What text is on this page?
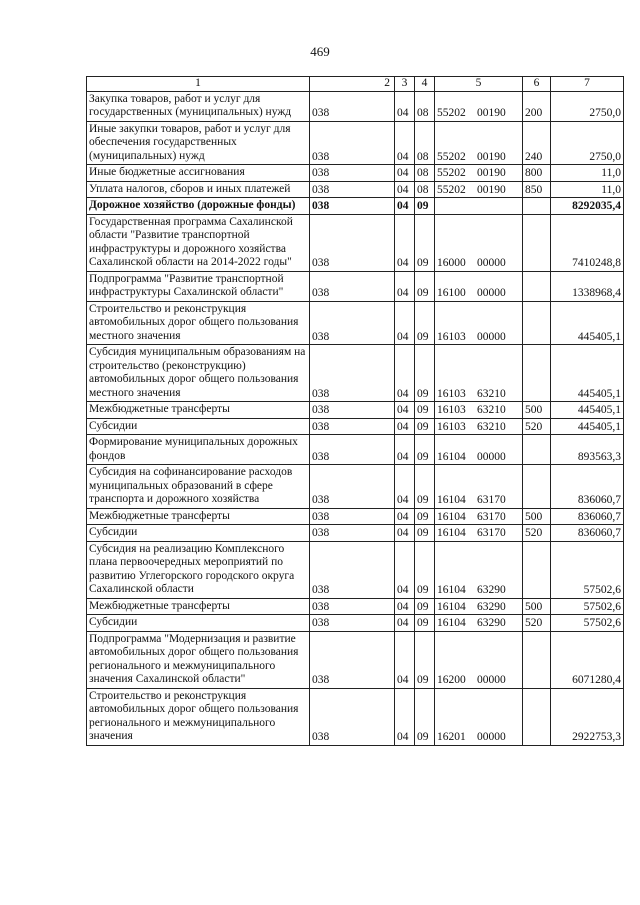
469
1	2	3	4	5	6	7
Закупка товаров, работ и услуг для государственных (муниципальных) нужд	038	04	08	55202 00190	200	2750,0
Иные закупки товаров, работ и услуг для обеспечения государственных (муниципальных) нужд	038	04	08	55202 00190	240	2750,0
Иные бюджетные ассигнования	038	04	08	55202 00190	800	11,0
Уплата налогов, сборов и иных платежей	038	04	08	55202 00190	850	11,0
Дорожное хозяйство (дорожные фонды)	038	04	09			8292035,4
Государственная программа Сахалинской области "Развитие транспортной инфраструктуры и дорожного хозяйства Сахалинской области на 2014-2022 годы"	038	04	09	16000 00000		7410248,8
Подпрограмма "Развитие транспортной инфраструктуры Сахалинской области"	038	04	09	16100 00000		1338968,4
Строительство и реконструкция автомобильных дорог общего пользования местного значения	038	04	09	16103 00000		445405,1
Субсидия муниципальным образованиям на строительство (реконструкцию) автомобильных дорог общего пользования местного значения	038	04	09	16103 63210		445405,1
Межбюджетные трансферты	038	04	09	16103 63210	500	445405,1
Субсидии	038	04	09	16103 63210	520	445405,1
Формирование муниципальных дорожных фондов	038	04	09	16104 00000		893563,3
Субсидия на софинансирование расходов муниципальных образований в сфере транспорта и дорожного хозяйства	038	04	09	16104 63170		836060,7
Межбюджетные трансферты	038	04	09	16104 63170	500	836060,7
Субсидии	038	04	09	16104 63170	520	836060,7
Субсидия на реализацию Комплексного плана первоочередных мероприятий по развитию Углегорского городского округа Сахалинской области	038	04	09	16104 63290		57502,6
Межбюджетные трансферты	038	04	09	16104 63290	500	57502,6
Субсидии	038	04	09	16104 63290	520	57502,6
Подпрограмма "Модернизация и развитие автомобильных дорог общего пользования регионального и межмуниципального значения Сахалинской области"	038	04	09	16200 00000		6071280,4
Строительство и реконструкция автомобильных дорог общего пользования регионального и межмуниципального значения	038	04	09	16201 00000		2922753,3
